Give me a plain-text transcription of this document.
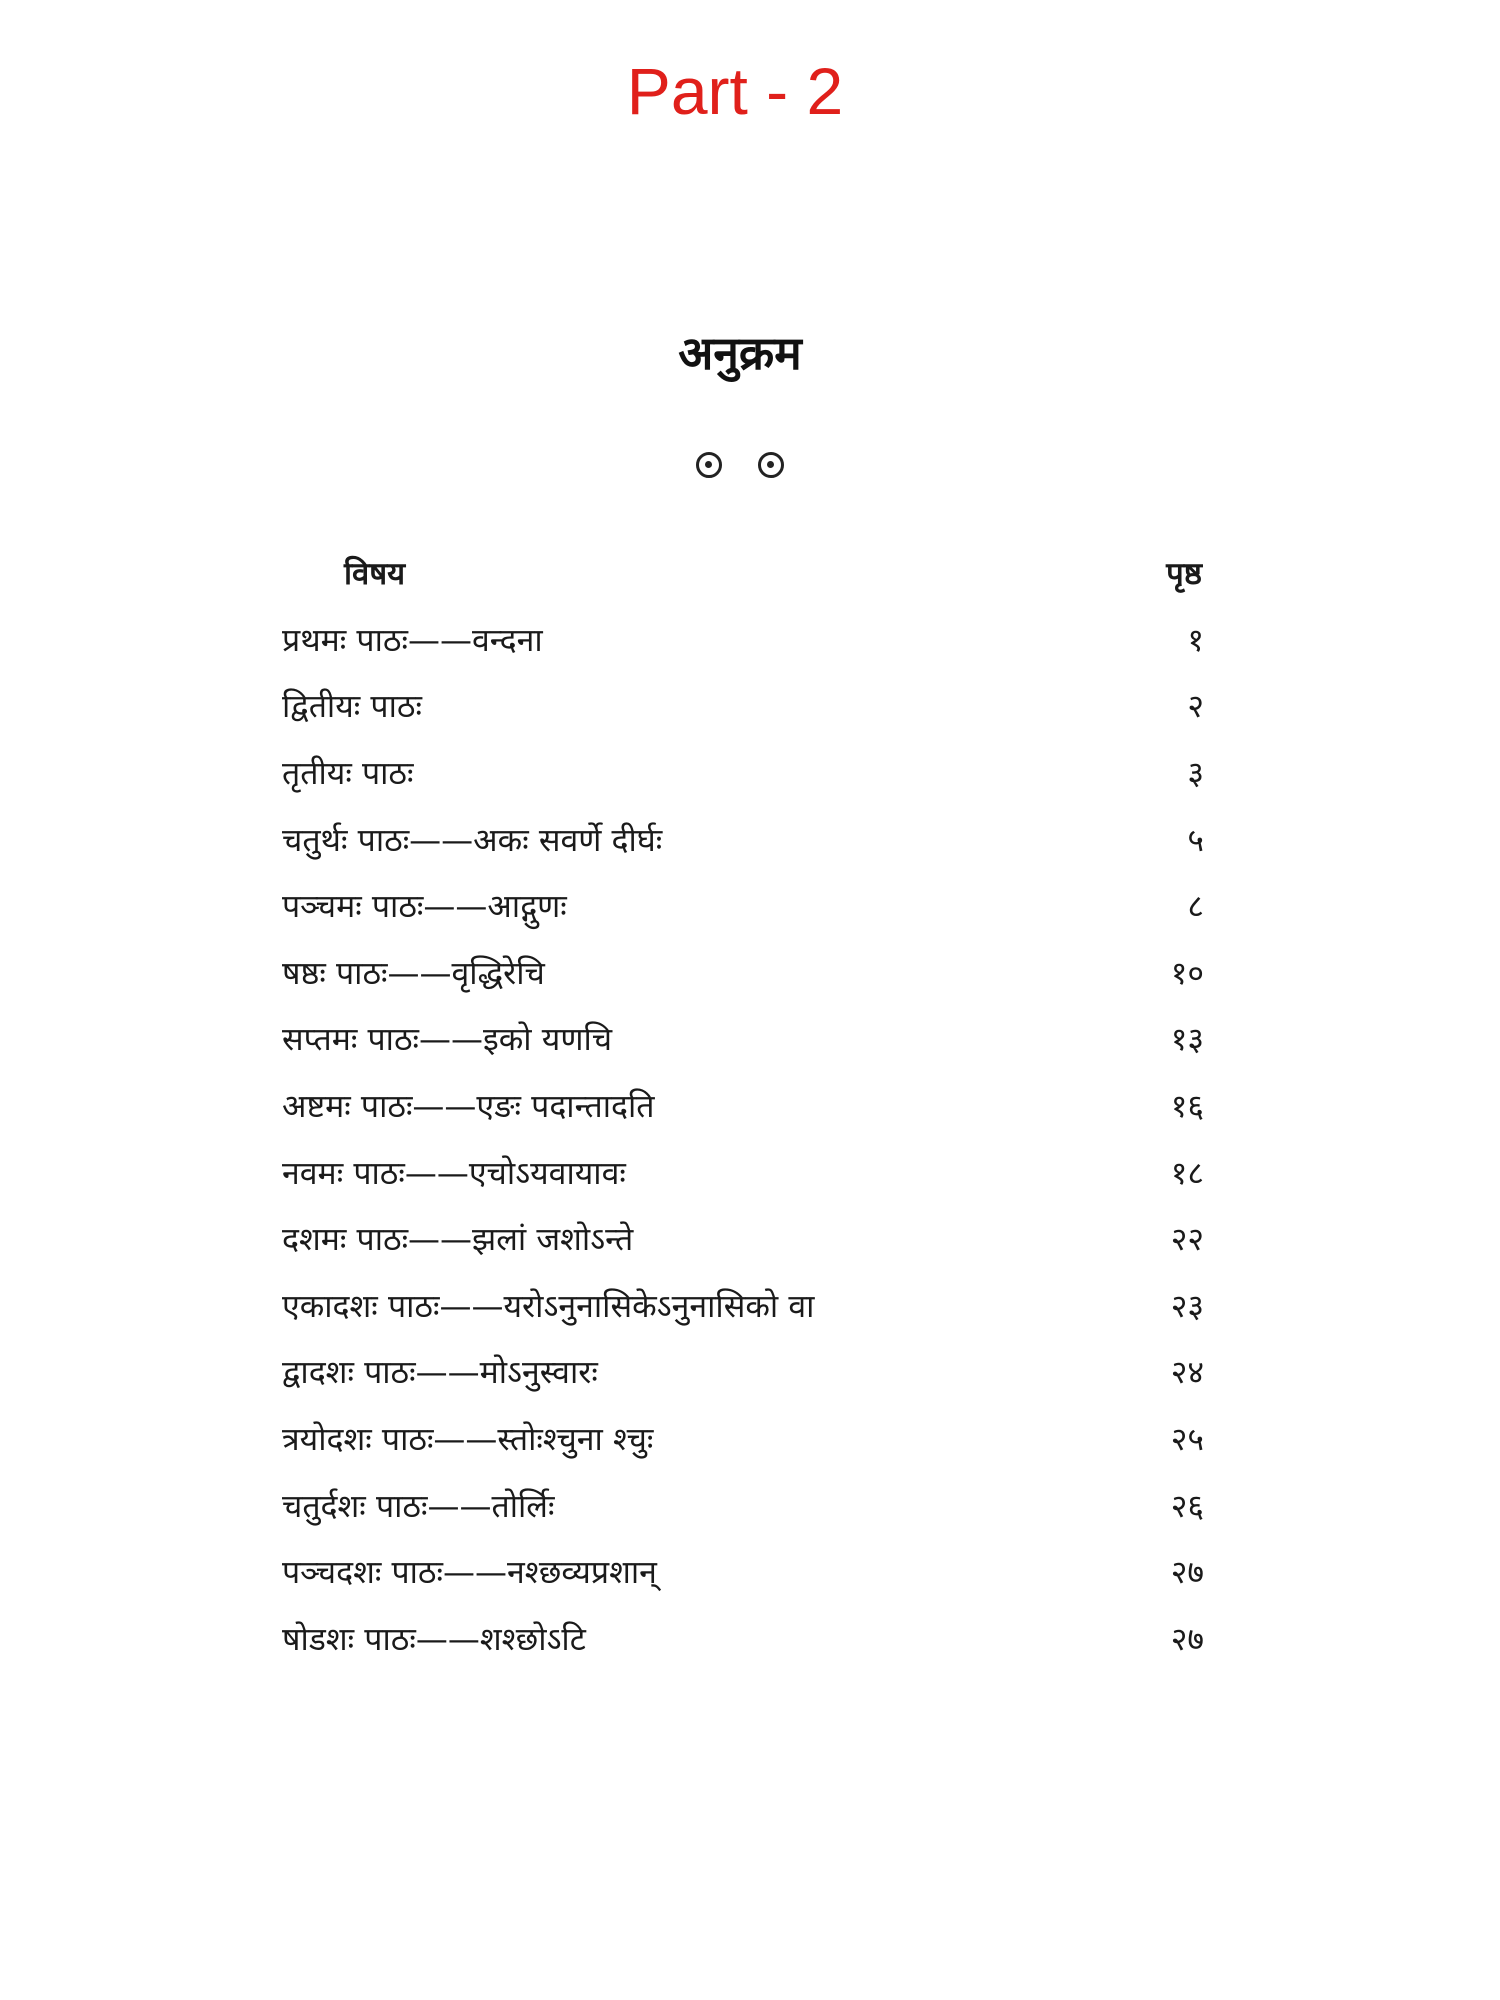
Part - 2
अनुक्रम
विषय	पृष्ठ
प्रथमः पाठः——वन्दना	१
द्वितीयः पाठः	२
तृतीयः पाठः	३
चतुर्थः पाठः——अकः सवर्णे दीर्घः	५
पञ्चमः पाठः——आद्गुणः	८
षष्ठः पाठः——वृद्धिरेचि	१०
सप्तमः पाठः——इको यणचि	१३
अष्टमः पाठः——एङः पदान्तादति	१६
नवमः पाठः——एचोऽयवायावः	१८
दशमः पाठः——झलां जशोऽन्ते	२२
एकादशः पाठः——यरोऽनुनासिकेऽनुनासिको वा	२३
द्वादशः पाठः——मोऽनुस्वारः	२४
त्रयोदशः पाठः——स्तोःश्चुना श्चुः	२५
चतुर्दशः पाठः——तोर्लिः	२६
पञ्चदशः पाठः——नश्छव्यप्रशान्	२७
षोडशः पाठः——शश्छोऽटि	२७
